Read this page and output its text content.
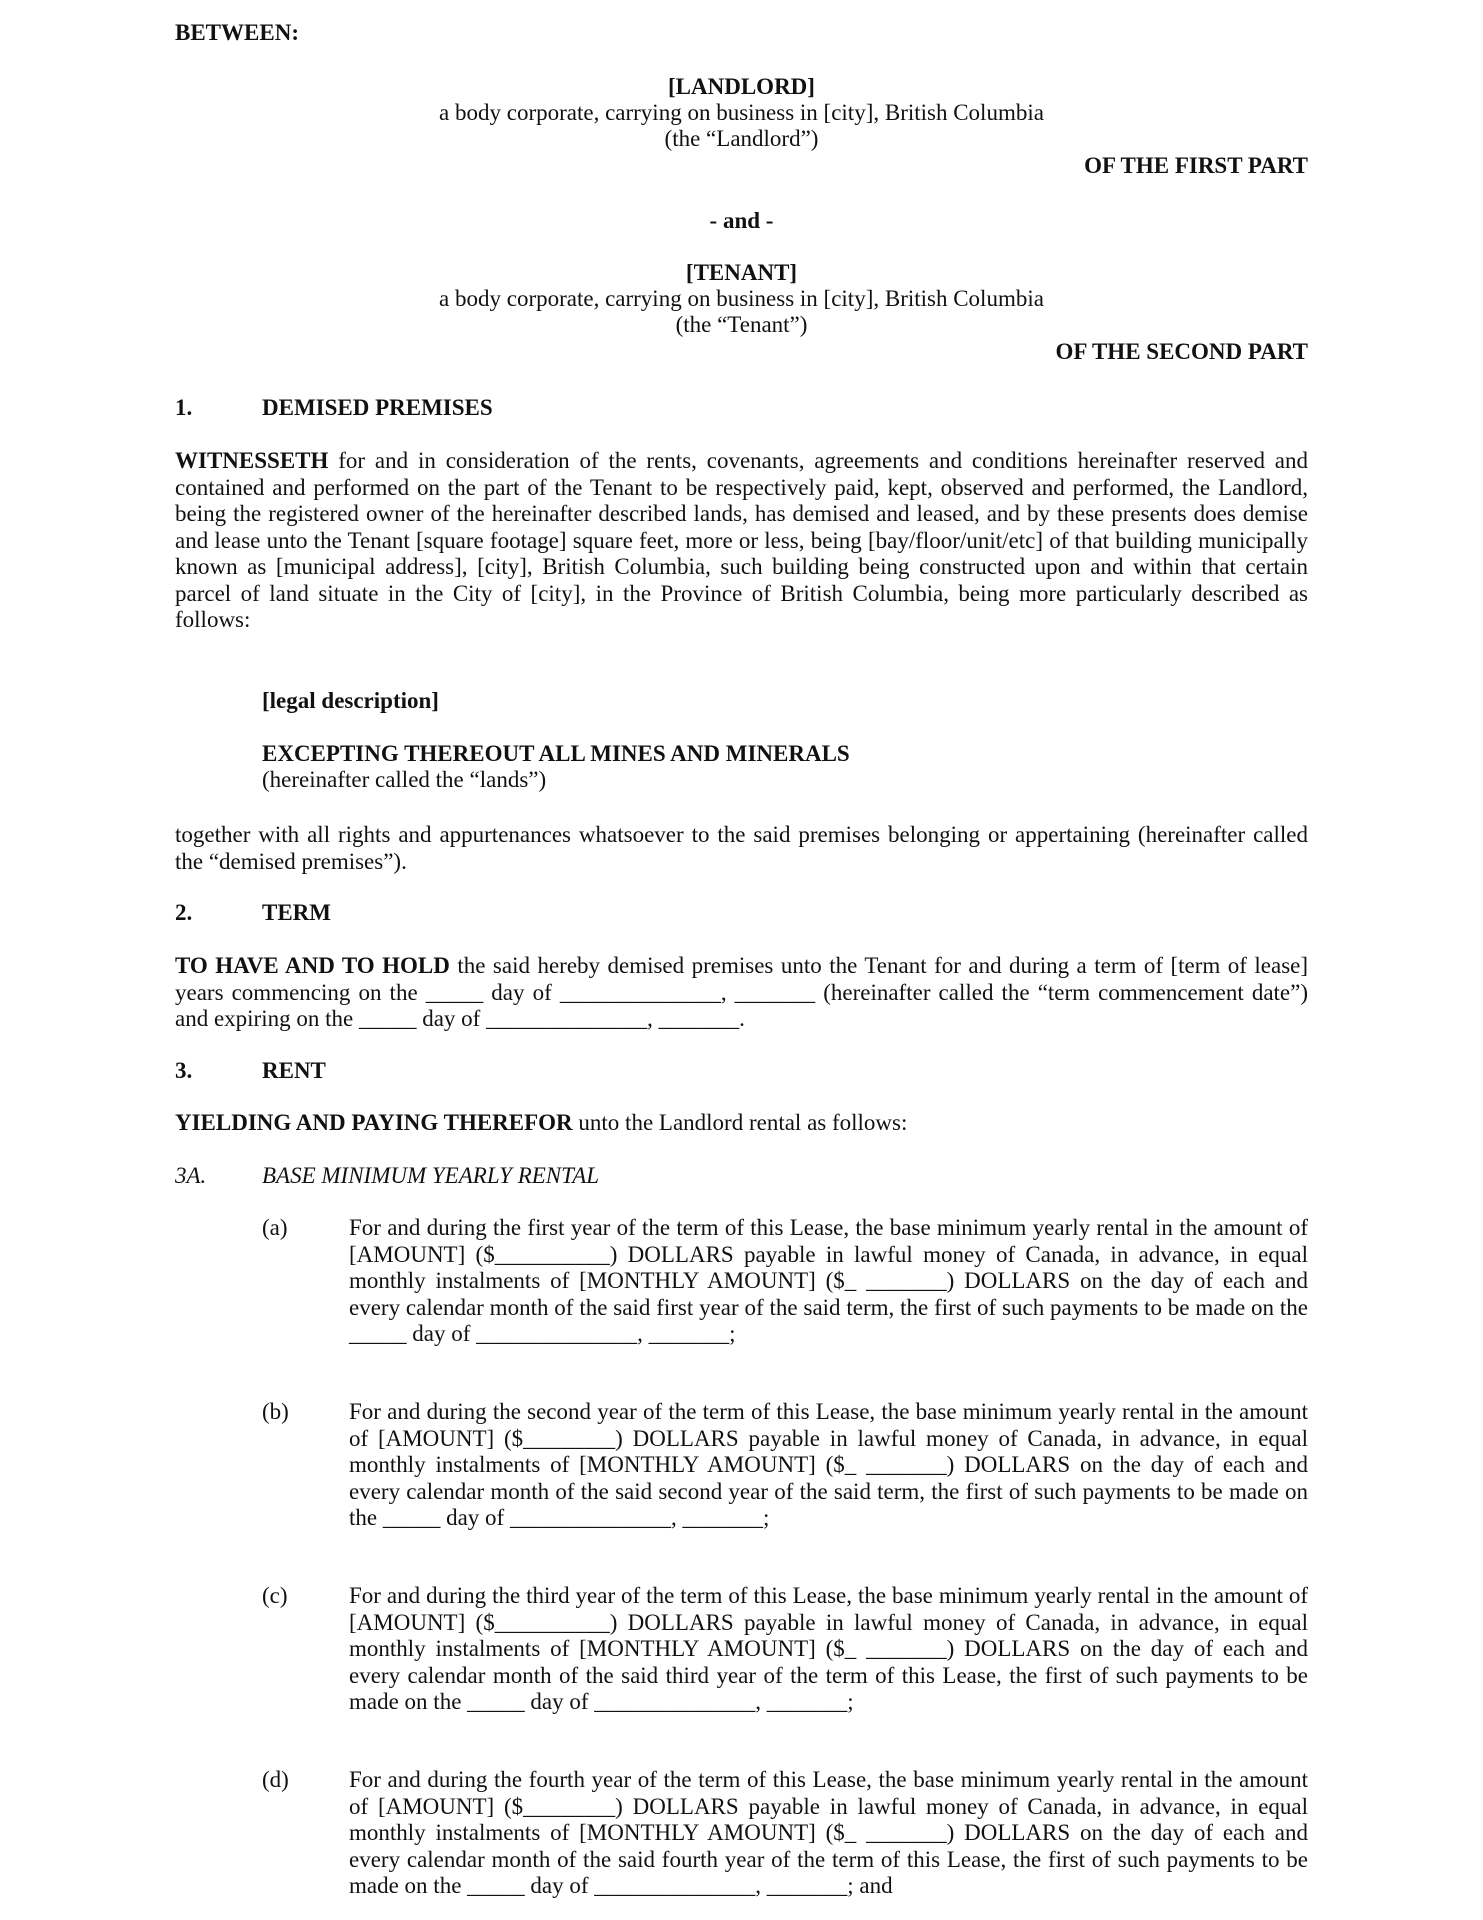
BETWEEN:
[LANDLORD]
a body corporate, carrying on business in [city], British Columbia
(the “Landlord”)
OF THE FIRST PART
- and -
[TENANT]
a body corporate, carrying on business in [city], British Columbia
(the “Tenant”)
OF THE SECOND PART
1.	DEMISED PREMISES
WITNESSETH for and in consideration of the rents, covenants, agreements and conditions hereinafter reserved and contained and performed on the part of the Tenant to be respectively paid, kept, observed and performed, the Landlord, being the registered owner of the hereinafter described lands, has demised and leased, and by these presents does demise and lease unto the Tenant [square footage] square feet, more or less, being [bay/floor/unit/etc] of that building municipally known as [municipal address], [city], British Columbia, such building being constructed upon and within that certain parcel of land situate in the City of [city], in the Province of British Columbia, being more particularly described as follows:
[legal description]
EXCEPTING THEREOUT ALL MINES AND MINERALS
(hereinafter called the “lands”)
together with all rights and appurtenances whatsoever to the said premises belonging or appertaining (hereinafter called the “demised premises”).
2.	TERM
TO HAVE AND TO HOLD the said hereby demised premises unto the Tenant for and during a term of [term of lease] years commencing on the _____ day of ______________, _______ (hereinafter called the “term commencement date”) and expiring on the _____ day of ______________, _______.
3.	RENT
YIELDING AND PAYING THEREFOR unto the Landlord rental as follows:
3A. BASE MINIMUM YEARLY RENTAL
(a)	For and during the first year of the term of this Lease, the base minimum yearly rental in the amount of [AMOUNT] ($__________) DOLLARS payable in lawful money of Canada, in advance, in equal monthly instalments of [MONTHLY AMOUNT] ($_ _______) DOLLARS on the day of each and every calendar month of the said first year of the said term, the first of such payments to be made on the _____ day of ______________, _______;
(b)	For and during the second year of the term of this Lease, the base minimum yearly rental in the amount of [AMOUNT] ($________) DOLLARS payable in lawful money of Canada, in advance, in equal monthly instalments of [MONTHLY AMOUNT] ($_ _______) DOLLARS on the day of each and every calendar month of the said second year of the said term, the first of such payments to be made on the _____ day of ______________, _______;
(c)	For and during the third year of the term of this Lease, the base minimum yearly rental in the amount of [AMOUNT] ($__________) DOLLARS payable in lawful money of Canada, in advance, in equal monthly instalments of [MONTHLY AMOUNT] ($_ _______) DOLLARS on the day of each and every calendar month of the said third year of the term of this Lease, the first of such payments to be made on the _____ day of ______________, _______;
(d)	For and during the fourth year of the term of this Lease, the base minimum yearly rental in the amount of [AMOUNT] ($________) DOLLARS payable in lawful money of Canada, in advance, in equal monthly instalments of [MONTHLY AMOUNT] ($_ _______) DOLLARS on the day of each and every calendar month of the said fourth year of the term of this Lease, the first of such payments to be made on the _____ day of ______________, _______; and
